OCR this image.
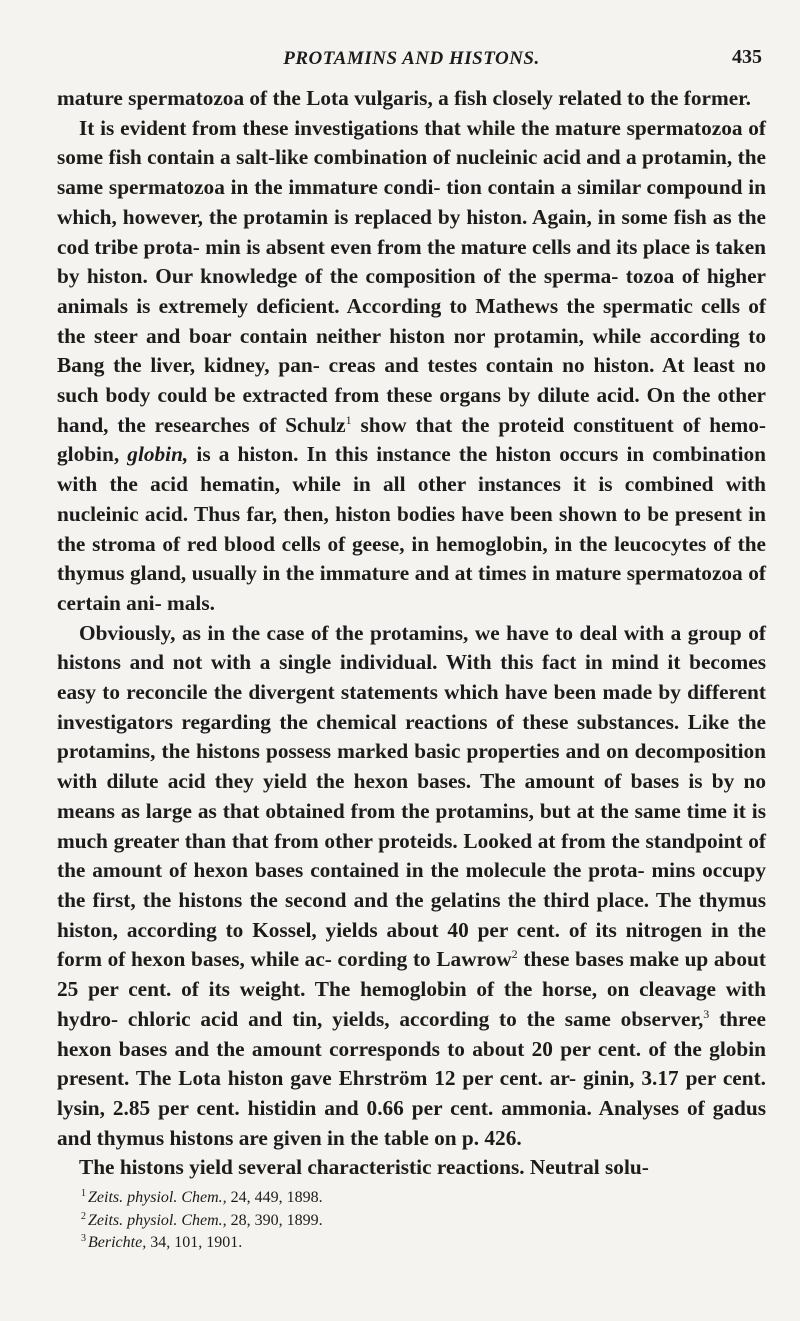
PROTAMINS AND HISTONS.	435

mature spermatozoa of the Lota vulgaris, a fish closely related to the former.

It is evident from these investigations that while the mature spermatozoa of some fish contain a salt-like combination of nucleinic acid and a protamin, the same spermatozoa in the immature condi- tion contain a similar compound in which, however, the protamin is replaced by histon. Again, in some fish as the cod tribe prota- min is absent even from the mature cells and its place is taken by histon. Our knowledge of the composition of the sperma- tozoa of higher animals is extremely deficient. According to Mathews the spermatic cells of the steer and boar contain neither histon nor protamin, while according to Bang the liver, kidney, pan- creas and testes contain no histon. At least no such body could be extracted from these organs by dilute acid. On the other hand, the researches of Schulz$^1$ show that the proteid constituent of hemo- globin, globin, is a histon. In this instance the histon occurs in combination with the acid hematin, while in all other instances it is combined with nucleinic acid. Thus far, then, histon bodies have been shown to be present in the stroma of red blood cells of geese, in hemoglobin, in the leucocytes of the thymus gland, usually in the immature and at times in mature spermatozoa of certain ani- mals.

Obviously, as in the case of the protamins, we have to deal with a group of histons and not with a single individual. With this fact in mind it becomes easy to reconcile the divergent statements which have been made by different investigators regarding the chemical reactions of these substances. Like the protamins, the histons possess marked basic properties and on decomposition with dilute acid they yield the hexon bases. The amount of bases is by no means as large as that obtained from the protamins, but at the same time it is much greater than that from other proteids. Looked at from the standpoint of the amount of hexon bases contained in the molecule the prota- mins occupy the first, the histons the second and the gelatins the third place. The thymus histon, according to Kossel, yields about 40 per cent. of its nitrogen in the form of hexon bases, while ac- cording to Lawrow$^2$ these bases make up about 25 per cent. of its weight. The hemoglobin of the horse, on cleavage with hydro- chloric acid and tin, yields, according to the same observer,$^3$ three hexon bases and the amount corresponds to about 20 per cent. of the globin present. The Lota histon gave Ehrström 12 per cent. ar- ginin, 3.17 per cent. lysin, 2.85 per cent. histidin and 0.66 per cent. ammonia. Analyses of gadus and thymus histons are given in the table on p. 426.

The histons yield several characteristic reactions. Neutral solu-

$^1$ Zeits. physiol. Chem., 24, 449, 1898.
$^2$ Zeits. physiol. Chem., 28, 390, 1899.
$^3$ Berichte, 34, 101, 1901.
